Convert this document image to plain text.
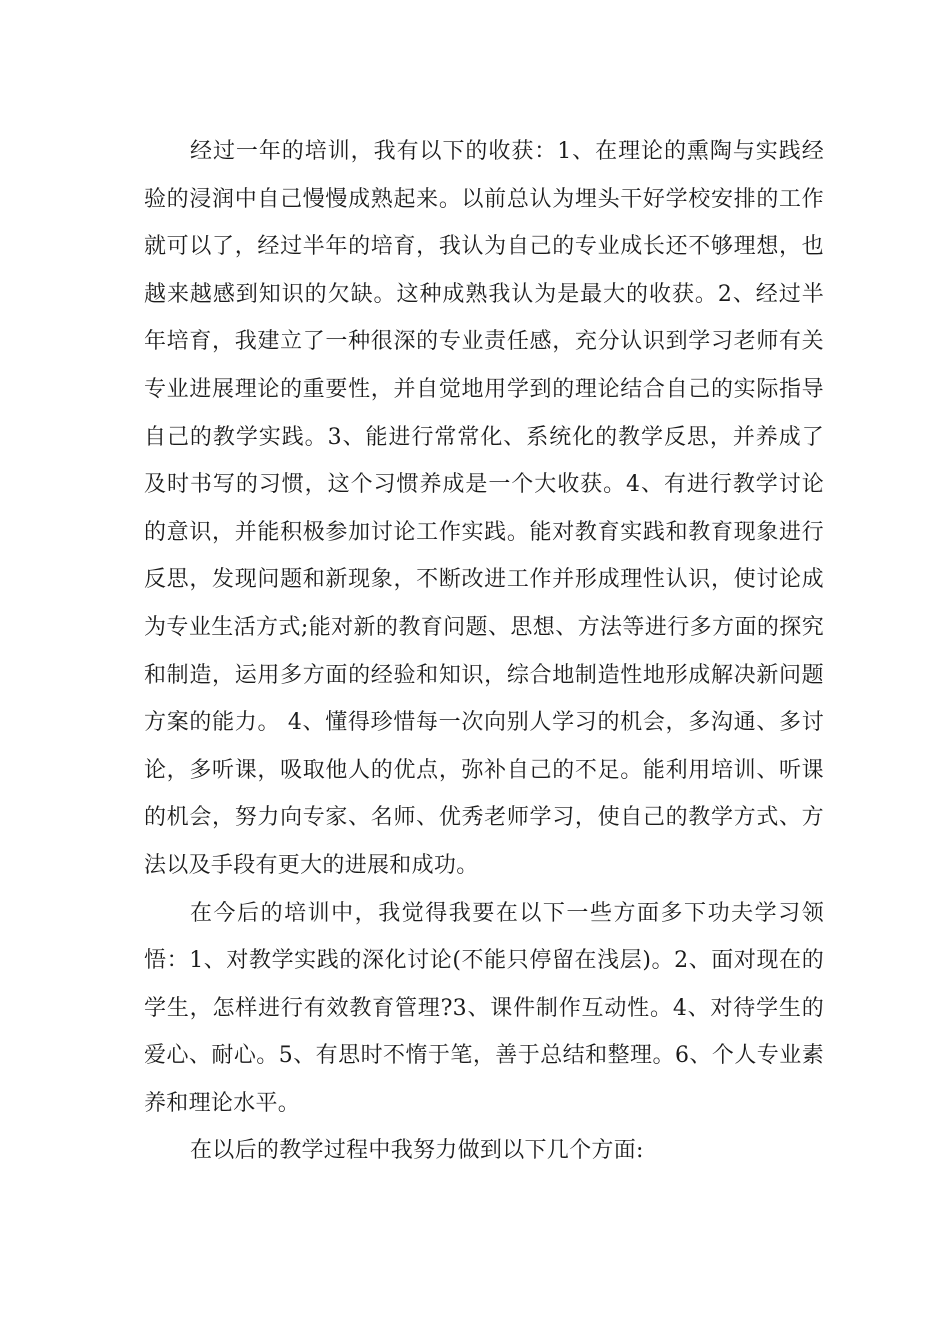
经过一年的培训，我有以下的收获：1、在理论的熏陶与实践经验的浸润中自己慢慢成熟起来。以前总认为埋头干好学校安排的工作就可以了，经过半年的培育，我认为自己的专业成长还不够理想，也越来越感到知识的欠缺。这种成熟我认为是最大的收获。2、经过半年培育，我建立了一种很深的专业责任感，充分认识到学习老师有关专业进展理论的重要性，并自觉地用学到的理论结合自己的实际指导自己的教学实践。3、能进行常常化、系统化的教学反思，并养成了及时书写的习惯，这个习惯养成是一个大收获。4、有进行教学讨论的意识，并能积极参加讨论工作实践。能对教育实践和教育现象进行反思，发现问题和新现象，不断改进工作并形成理性认识，使讨论成为专业生活方式;能对新的教育问题、思想、方法等进行多方面的探究和制造，运用多方面的经验和知识，综合地制造性地形成解决新问题方案的能力。 4、懂得珍惜每一次向别人学习的机会，多沟通、多讨论，多听课，吸取他人的优点，弥补自己的不足。能利用培训、听课的机会，努力向专家、名师、优秀老师学习，使自己的教学方式、方法以及手段有更大的进展和成功。

在今后的培训中，我觉得我要在以下一些方面多下功夫学习领悟：1、对教学实践的深化讨论(不能只停留在浅层)。2、面对现在的学生，怎样进行有效教育管理?3、课件制作互动性。4、对待学生的爱心、耐心。5、有思时不惰于笔，善于总结和整理。6、个人专业素养和理论水平。

在以后的教学过程中我努力做到以下几个方面:
